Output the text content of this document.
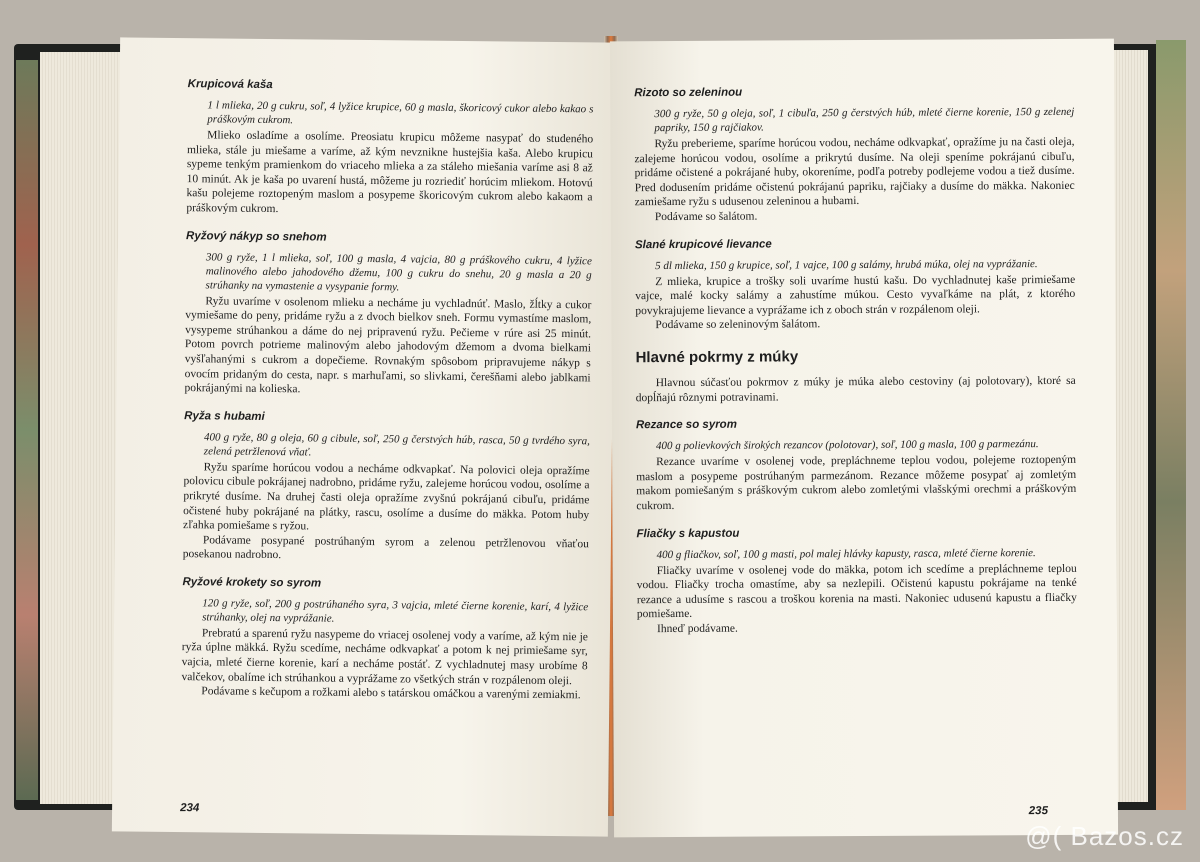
Krupicová kaša

1 l mlieka, 20 g cukru, soľ, 4 lyžice krupice, 60 g masla, škoricový cukor alebo kakao s práškovým cukrom.

Mlieko osladíme a osolíme. Preosiatu krupicu môžeme nasypať do studeného mlieka, stále ju miešame a varíme, až kým nevznikne hustejšia kaša. Alebo krupicu sypeme tenkým pramienkom do vriaceho mlieka a za stáleho miešania varíme asi 8 až 10 minút. Ak je kaša po uvarení hustá, môžeme ju rozriediť horúcim mliekom. Hotovú kašu polejeme roztopeným maslom a posypeme škoricovým cukrom alebo kakaom a práškovým cukrom.

Ryžový nákyp so snehom

300 g ryže, 1 l mlieka, soľ, 100 g masla, 4 vajcia, 80 g práškového cukru, 4 lyžice malinového alebo jahodového džemu, 100 g cukru do snehu, 20 g masla a 20 g strúhanky na vymastenie a vysypanie formy.

Ryžu uvaríme v osolenom mlieku a necháme ju vychladnúť. Maslo, žĺtky a cukor vymiešame do peny, pridáme ryžu a z dvoch bielkov sneh. Formu vymastíme maslom, vysypeme strúhankou a dáme do nej pripravenú ryžu. Pečieme v rúre asi 25 minút. Potom povrch potrieme malinovým alebo jahodovým džemom a dvoma bielkami vyšľahanými s cukrom a dopečieme. Rovnakým spôsobom pripravujeme nákyp s ovocím pridaným do cesta, napr. s marhuľami, so slivkami, čerešňami alebo jablkami pokrájanými na kolieska.

Ryža s hubami

400 g ryže, 80 g oleja, 60 g cibule, soľ, 250 g čerstvých húb, rasca, 50 g tvrdého syra, zelená petržlenová vňať.

Ryžu sparíme horúcou vodou a necháme odkvapkať. Na polovici oleja opražíme polovicu cibule pokrájanej nadrobno, pridáme ryžu, zalejeme horúcou vodou, osolíme a prikryté dusíme. Na druhej časti oleja opražíme zvyšnú pokrájanú cibuľu, pridáme očistené huby pokrájané na plátky, rascu, osolíme a dusíme do mäkka. Potom huby zľahka pomiešame s ryžou.

Podávame posypané postrúhaným syrom a zelenou petržlenovou vňaťou posekanou nadrobno.

Ryžové krokety so syrom

120 g ryže, soľ, 200 g postrúhaného syra, 3 vajcia, mleté čierne korenie, karí, 4 lyžice strúhanky, olej na vyprážanie.

Prebratú a sparenú ryžu nasypeme do vriacej osolenej vody a varíme, až kým nie je ryža úplne mäkká. Ryžu scedíme, necháme odkvapkať a potom k nej primiešame syr, vajcia, mleté čierne korenie, karí a necháme postáť. Z vychladnutej masy urobíme 8 valčekov, obalíme ich strúhankou a vyprážame zo všetkých strán v rozpálenom oleji.

Podávame s kečupom a rožkami alebo s tatárskou omáčkou a varenými zemiakmi.

234
Rizoto so zeleninou

300 g ryže, 50 g oleja, soľ, 1 cibuľa, 250 g čerstvých húb, mleté čierne korenie, 150 g zelenej papriky, 150 g rajčiakov.

Ryžu preberieme, sparíme horúcou vodou, necháme odkvapkať, opražíme ju na časti oleja, zalejeme horúcou vodou, osolíme a prikrytú dusíme. Na oleji speníme pokrájanú cibuľu, pridáme očistené a pokrájané huby, okoreníme, podľa potreby podlejeme vodou a tiež dusíme. Pred dodusením pridáme očistenú pokrájanú papriku, rajčiaky a dusíme do mäkka. Nakoniec zamiešame ryžu s udusenou zeleninou a hubami.

Podávame so šalátom.

Slané krupicové lievance

5 dl mlieka, 150 g krupice, soľ, 1 vajce, 100 g salámy, hrubá múka, olej na vyprážanie.

Z mlieka, krupice a trošky soli uvaríme hustú kašu. Do vychladnutej kaše primiešame vajce, malé kocky salámy a zahustíme múkou. Cesto vyvaľkáme na plát, z ktorého povykrajujeme lievance a vyprážame ich z oboch strán v rozpálenom oleji.

Podávame so zeleninovým šalátom.

Hlavné pokrmy z múky

Hlavnou súčasťou pokrmov z múky je múka alebo cestoviny (aj polotovary), ktoré sa dopĺňajú rôznymi potravinami.

Rezance so syrom

400 g polievkových širokých rezancov (polotovar), soľ, 100 g masla, 100 g parmezánu.

Rezance uvaríme v osolenej vode, prepláchneme teplou vodou, polejeme roztopeným maslom a posypeme postrúhaným parmezánom. Rezance môžeme posypať aj zomletým makom pomiešaným s práškovým cukrom alebo zomletými vlašskými orechmi a práškovým cukrom.

Fliačky s kapustou

400 g fliačkov, soľ, 100 g masti, pol malej hlávky kapusty, rasca, mleté čierne korenie.

Fliačky uvaríme v osolenej vode do mäkka, potom ich scedíme a prepláchneme teplou vodou. Fliačky trocha omastíme, aby sa nezlepili. Očistenú kapustu pokrájame na tenké rezance a udusíme s rascou a troškou korenia na masti. Nakoniec udusenú kapustu a fliačky pomiešame.

Ihneď podávame.

235
@( Bazos.cz
